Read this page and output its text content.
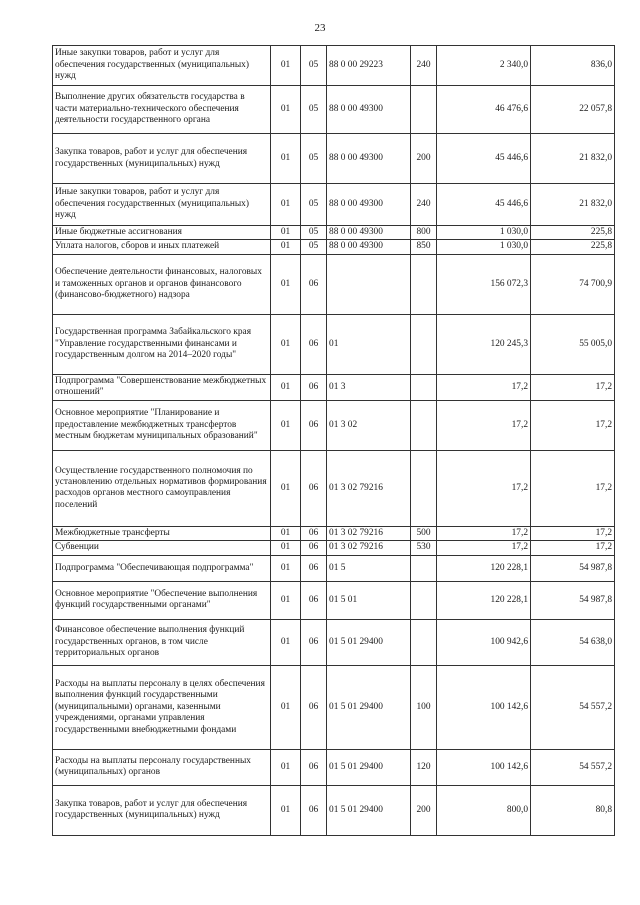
23
Иные закупки товаров, работ и услуг для обеспечения государственных (муниципальных) нужд	01	05	88 0 00 29223	240	2 340,0	836,0
Выполнение других обязательств государства в части материально-технического обеспечения деятельности государственного органа	01	05	88 0 00 49300		46 476,6	22 057,8
Закупка товаров, работ и услуг для обеспечения государственных (муниципальных) нужд	01	05	88 0 00 49300	200	45 446,6	21 832,0
Иные закупки товаров, работ и услуг для обеспечения государственных (муниципальных) нужд	01	05	88 0 00 49300	240	45 446,6	21 832,0
Иные бюджетные ассигнования	01	05	88 0 00 49300	800	1 030,0	225,8
Уплата налогов, сборов и иных платежей	01	05	88 0 00 49300	850	1 030,0	225,8
Обеспечение деятельности финансовых, налоговых и таможенных органов и органов финансового (финансово-бюджетного) надзора	01	06			156 072,3	74 700,9
Государственная программа Забайкальского края "Управление государственными финансами и государственным долгом на 2014–2020 годы"	01	06	01		120 245,3	55 005,0
Подпрограмма "Совершенствование межбюджетных отношений"	01	06	01 3		17,2	17,2
Основное мероприятие "Планирование и предоставление межбюджетных трансфертов местным бюджетам муниципальных образований"	01	06	01 3 02		17,2	17,2
Осуществление государственного полномочия по установлению отдельных нормативов формирования расходов органов местного самоуправления поселений	01	06	01 3 02 79216		17,2	17,2
Межбюджетные трансферты	01	06	01 3 02 79216	500	17,2	17,2
Субвенции	01	06	01 3 02 79216	530	17,2	17,2
Подпрограмма "Обеспечивающая подпрограмма"	01	06	01 5		120 228,1	54 987,8
Основное мероприятие "Обеспечение выполнения функций государственными органами"	01	06	01 5 01		120 228,1	54 987,8
Финансовое обеспечение выполнения функций государственных органов, в том числе территориальных органов	01	06	01 5 01 29400		100 942,6	54 638,0
Расходы на выплаты персоналу в целях обеспечения выполнения функций государственными (муниципальными) органами, казенными учреждениями, органами управления государственными внебюджетными фондами	01	06	01 5 01 29400	100	100 142,6	54 557,2
Расходы на выплаты персоналу государственных (муниципальных) органов	01	06	01 5 01 29400	120	100 142,6	54 557,2
Закупка товаров, работ и услуг для обеспечения государственных (муниципальных) нужд	01	06	01 5 01 29400	200	800,0	80,8
